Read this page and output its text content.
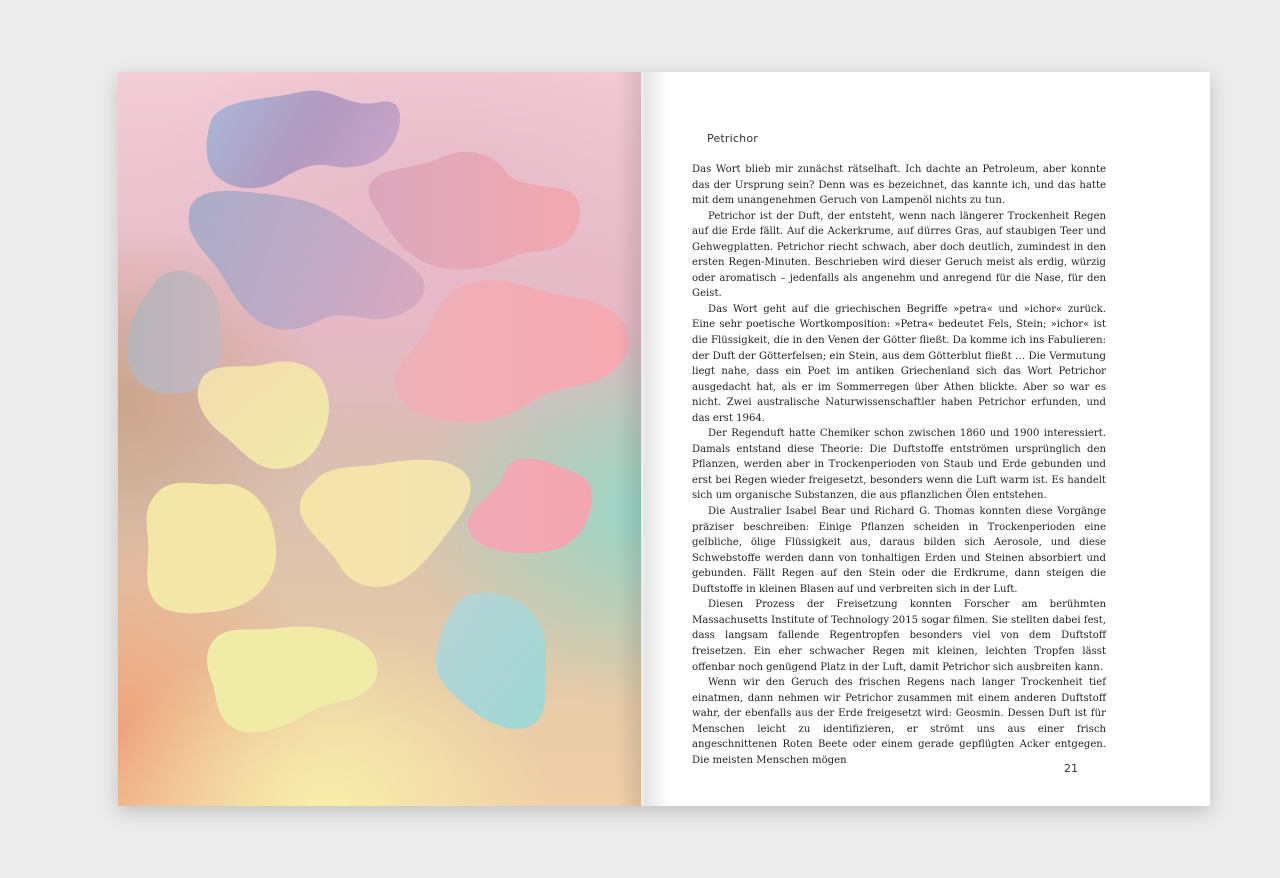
Petrichor

Das Wort blieb mir zunächst rätselhaft. Ich dachte an Petroleum, aber konnte das der Ursprung sein? Denn was es bezeichnet, das kannte ich, und das hatte mit dem unangenehmen Geruch von Lampenöl nichts zu tun.

Petrichor ist der Duft, der entsteht, wenn nach längerer Trockenheit Regen auf die Erde fällt. Auf die Ackerkrume, auf dürres Gras, auf staubigen Teer und Gehwegplatten. Petrichor riecht schwach, aber doch deutlich, zumindest in den ersten Regen-Minuten. Beschrieben wird dieser Geruch meist als erdig, würzig oder aromatisch – jedenfalls als angenehm und anregend für die Nase, für den Geist.

Das Wort geht auf die griechischen Begriffe »petra« und »ichor« zurück. Eine sehr poetische Wortkomposition: »Petra« bedeutet Fels, Stein; »ichor« ist die Flüssigkeit, die in den Venen der Götter fließt. Da komme ich ins Fabulieren: der Duft der Götterfelsen; ein Stein, aus dem Götterblut fließt … Die Vermutung liegt nahe, dass ein Poet im antiken Griechenland sich das Wort Petrichor ausgedacht hat, als er im Sommerregen über Athen blickte. Aber so war es nicht. Zwei australische Naturwissenschaftler haben Petrichor erfunden, und das erst 1964.

Der Regenduft hatte Chemiker schon zwischen 1860 und 1900 interessiert. Damals entstand diese Theorie: Die Duftstoffe entströmen ursprünglich den Pflanzen, werden aber in Trockenperioden von Staub und Erde gebunden und erst bei Regen wieder freigesetzt, besonders wenn die Luft warm ist. Es handelt sich um organische Substanzen, die aus pflanzlichen Ölen entstehen.

Die Australier Isabel Bear und Richard G. Thomas konnten diese Vorgänge präziser beschreiben: Einige Pflanzen scheiden in Trockenperioden eine gelbliche, ölige Flüssigkeit aus, daraus bilden sich Aerosole, und diese Schwebstoffe werden dann von tonhaltigen Erden und Steinen absorbiert und gebunden. Fällt Regen auf den Stein oder die Erdkrume, dann steigen die Duftstoffe in kleinen Blasen auf und verbreiten sich in der Luft.

Diesen Prozess der Freisetzung konnten Forscher am berühmten Massachusetts Institute of Technology 2015 sogar filmen. Sie stellten dabei fest, dass langsam fallende Regentropfen besonders viel von dem Duftstoff freisetzen. Ein eher schwacher Regen mit kleinen, leichten Tropfen lässt offenbar noch genügend Platz in der Luft, damit Petrichor sich ausbreiten kann.

Wenn wir den Geruch des frischen Regens nach langer Trockenheit tief einatmen, dann nehmen wir Petrichor zusammen mit einem anderen Duftstoff wahr, der ebenfalls aus der Erde freigesetzt wird: Geosmin. Dessen Duft ist für Menschen leicht zu identifizieren, er strömt uns aus einer frisch angeschnittenen Roten Beete oder einem gerade gepflügten Acker entgegen. Die meisten Menschen mögen

21
